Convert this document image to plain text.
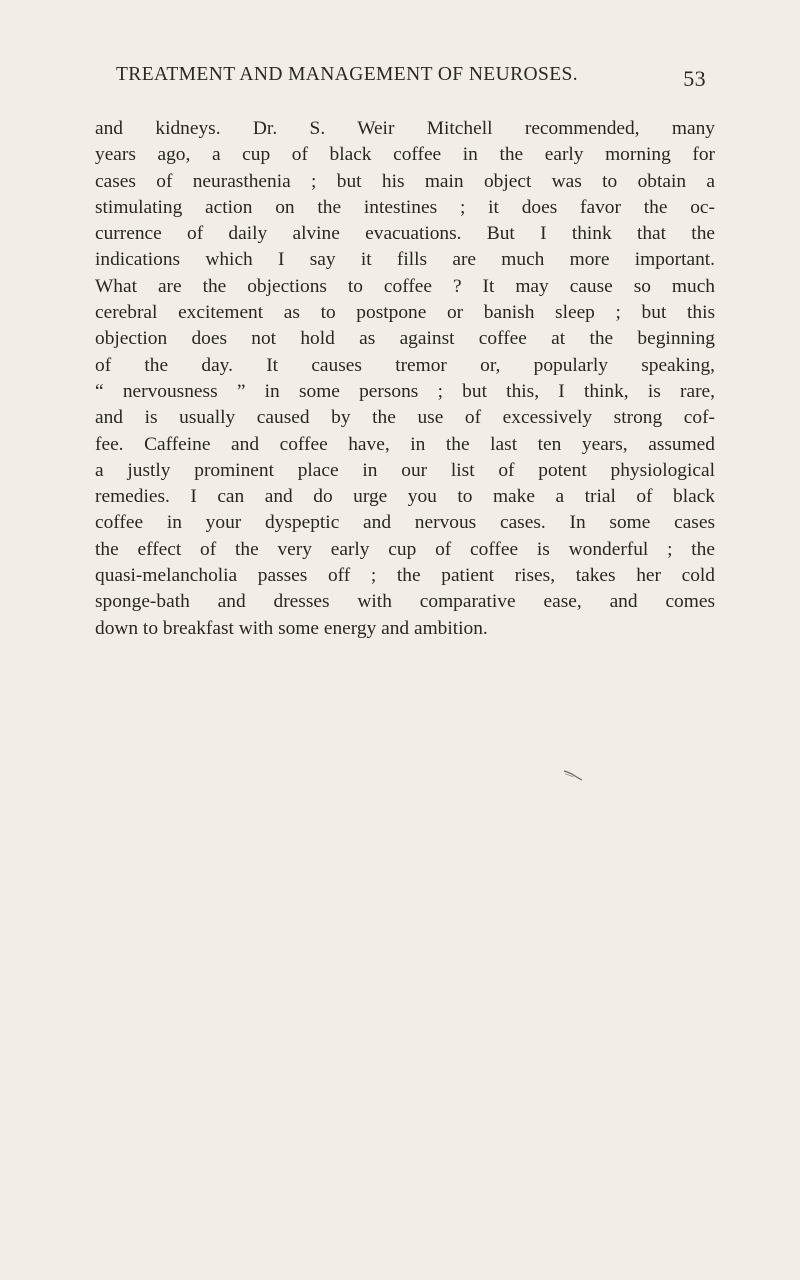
TREATMENT AND MANAGEMENT OF NEUROSES.	53
and kidneys. Dr. S. Weir Mitchell recommended, many
years ago, a cup of black coffee in the early morning for
cases of neurasthenia ; but his main object was to obtain a
stimulating action on the intestines ; it does favor the oc-
currence of daily alvine evacuations. But I think that the
indications which I say it fills are much more important.
What are the objections to coffee ? It may cause so much
cerebral excitement as to postpone or banish sleep ; but this
objection does not hold as against coffee at the beginning
of the day. It causes tremor or, popularly speaking,
“ nervousness ” in some persons ; but this, I think, is rare,
and is usually caused by the use of excessively strong cof-
fee. Caffeine and coffee have, in the last ten years, assumed
a justly prominent place in our list of potent physiological
remedies. I can and do urge you to make a trial of black
coffee in your dyspeptic and nervous cases. In some cases
the effect of the very early cup of coffee is wonderful ; the
quasi-melancholia passes off ; the patient rises, takes her cold
sponge-bath and dresses with comparative ease, and comes
down to breakfast with some energy and ambition.
